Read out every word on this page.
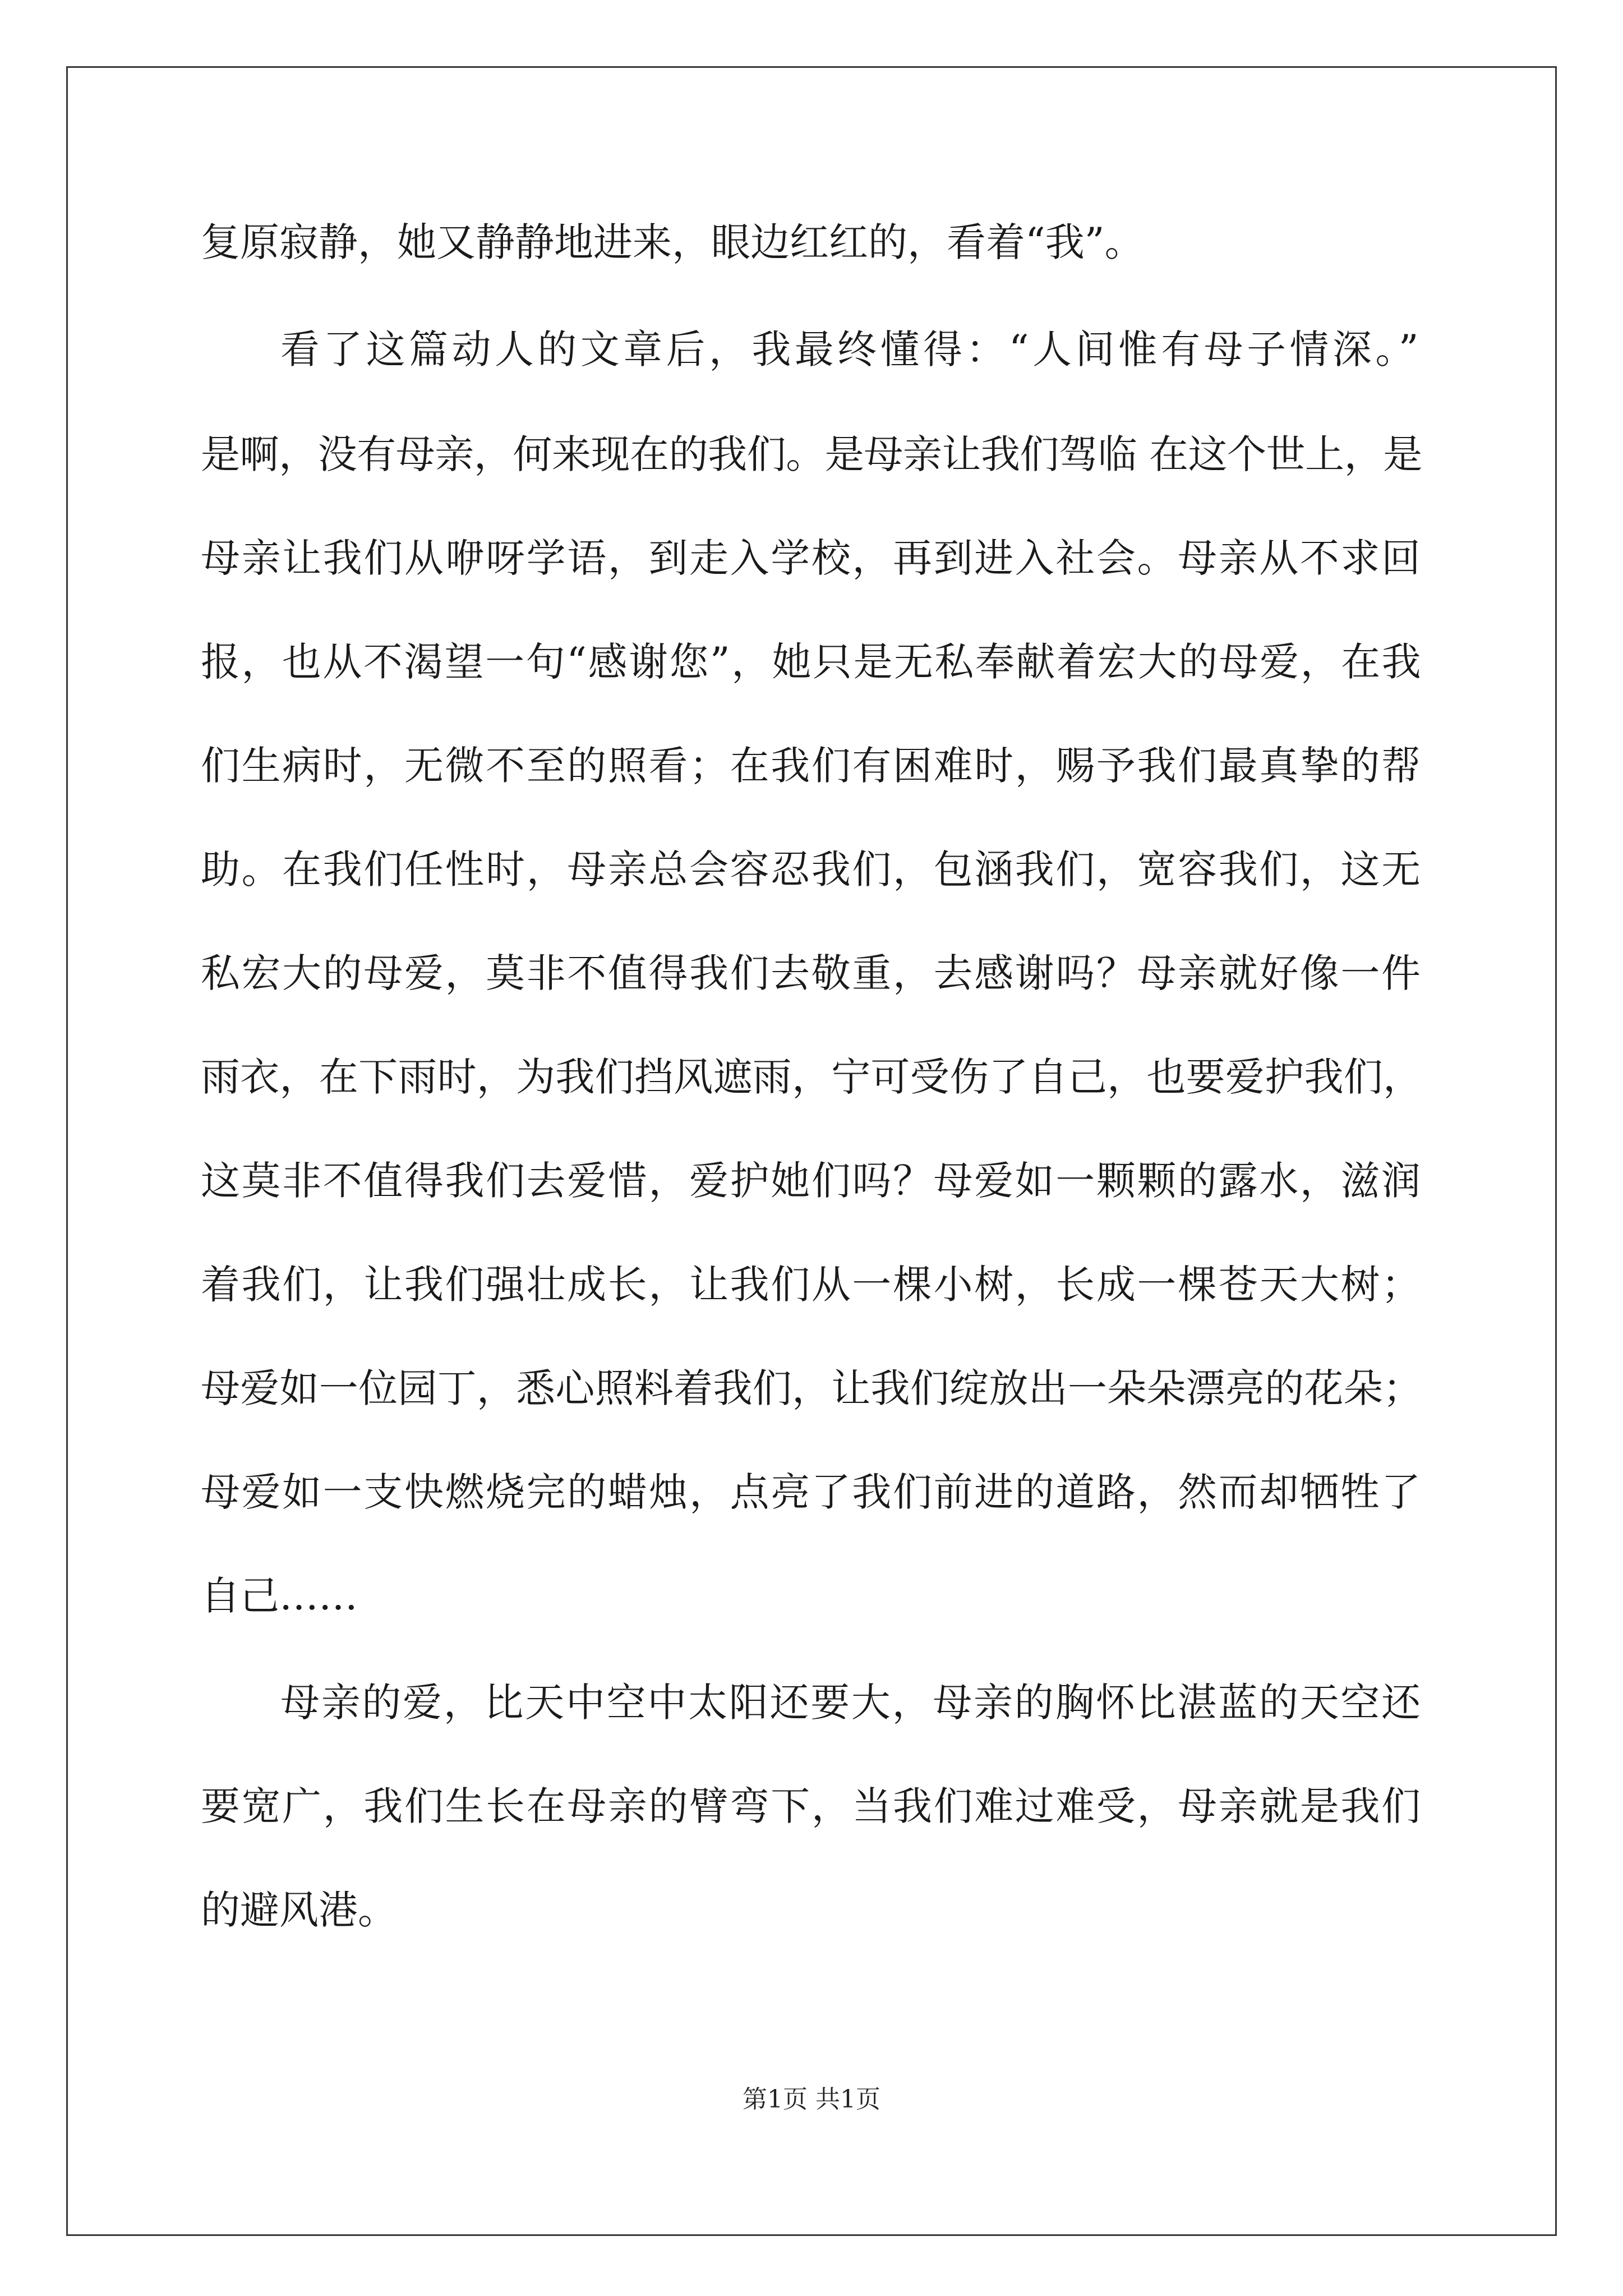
复原寂静，她又静静地进来，眼边红红的，看着“我”。
看了这篇动人的文章后，我最终懂得：“人间惟有母子情深。”
是啊，没有母亲，何来现在的我们。是母亲让我们驾临 在这个世上，是
母亲让我们从咿呀学语，到走入学校，再到进入社会。母亲从不求回
报，也从不渴望一句“感谢您”，她只是无私奉献着宏大的母爱，在我
们生病时，无微不至的照看；在我们有困难时，赐予我们最真挚的帮
助。在我们任性时，母亲总会容忍我们，包涵我们，宽容我们，这无
私宏大的母爱，莫非不值得我们去敬重，去感谢吗？母亲就好像一件
雨衣，在下雨时，为我们挡风遮雨，宁可受伤了自己，也要爱护我们，
这莫非不值得我们去爱惜，爱护她们吗？母爱如一颗颗的露水，滋润
着我们，让我们强壮成长，让我们从一棵小树，长成一棵苍天大树；
母爱如一位园丁，悉心照料着我们，让我们绽放出一朵朵漂亮的花朵；
母爱如一支快燃烧完的蜡烛，点亮了我们前进的道路，然而却牺牲了
自己……
母亲的爱，比天中空中太阳还要大，母亲的胸怀比湛蓝的天空还
要宽广，我们生长在母亲的臂弯下，当我们难过难受，母亲就是我们
的避风港。
第1页 共1页
